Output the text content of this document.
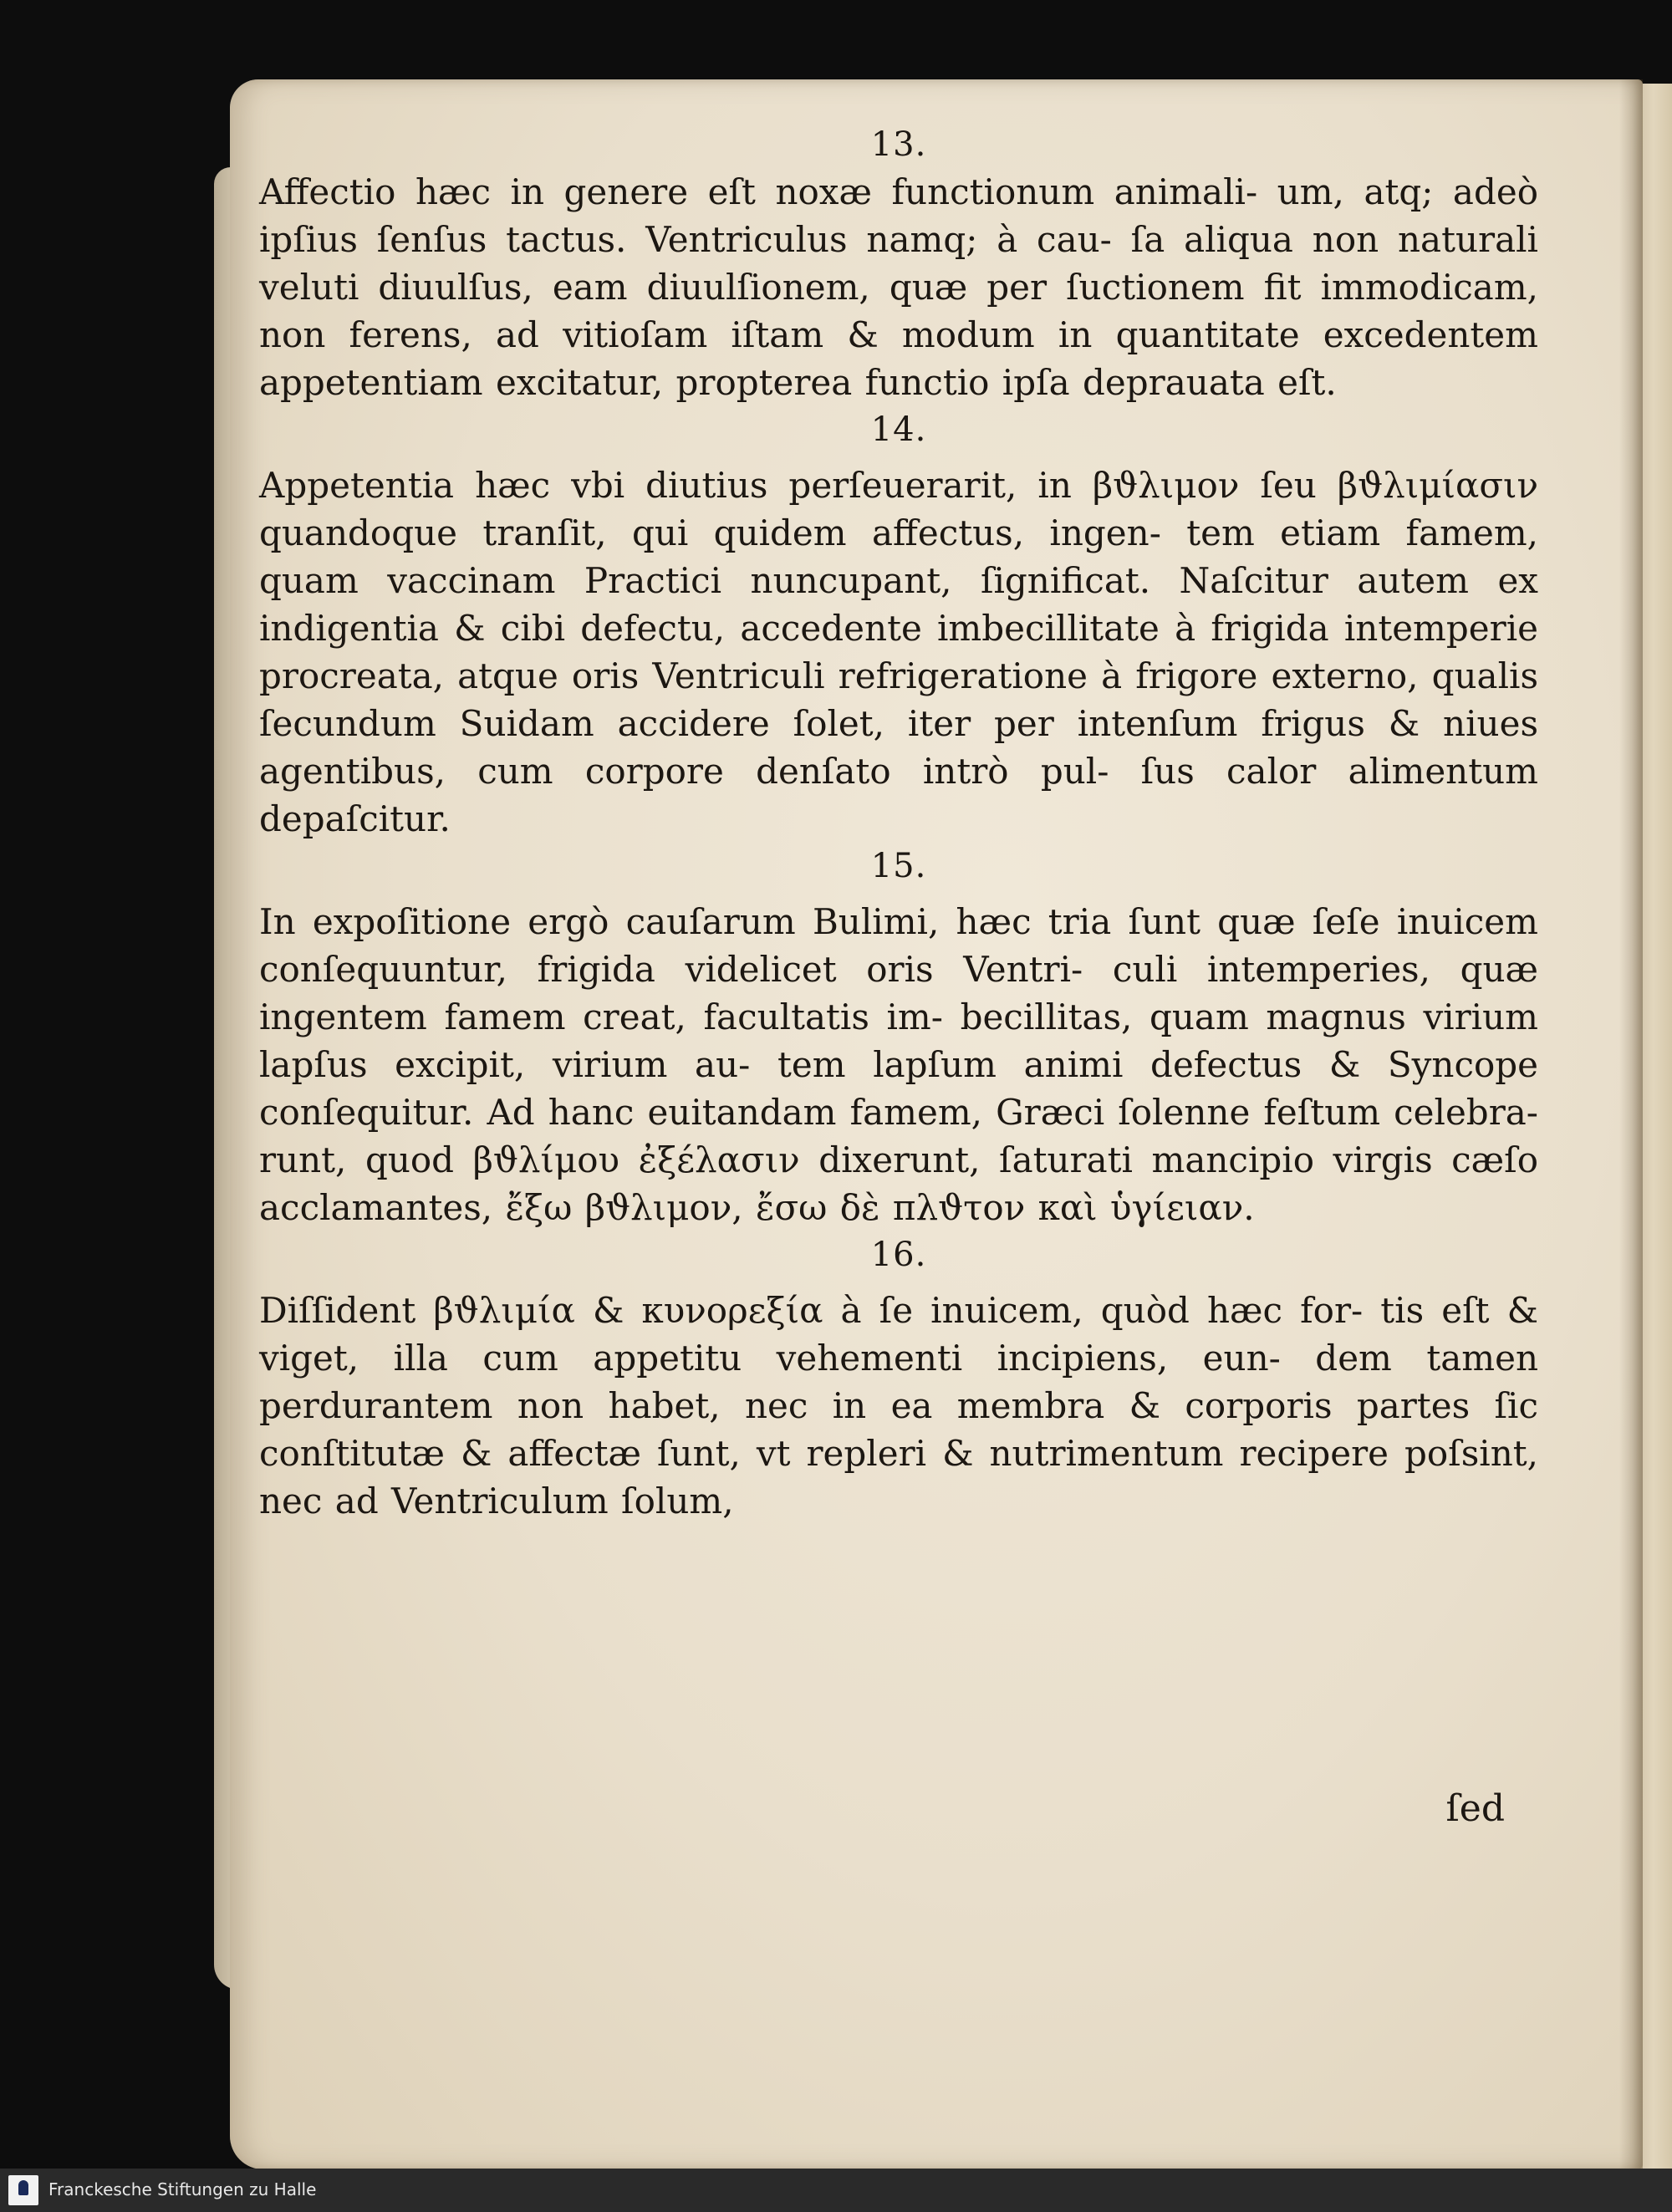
13.

Affectio hæc in genere eſt noxæ functionum animali- um, atq; adeò ipſius ſenſus tactus. Ventriculus namq; à cau- ſa aliqua non naturali veluti diuulſus, eam diuulſionem, quæ per ſuctionem fit immodicam, non ferens, ad vitioſam iſtam & modum in quantitate excedentem appetentiam excitatur, propterea functio ipſa deprauata eſt.

14.

Appetentia hæc vbi diutius perſeuerarit, in βϑλιμον ſeu βϑλιμίασιν quandoque tranſit, qui quidem affectus, ingen- tem etiam famem, quam vaccinam Practici nuncupant, ſignificat. Naſcitur autem ex indigentia & cibi defectu, accedente imbecillitate à frigida intemperie procreata, atque oris Ventriculi refrigeratione à frigore externo, qualis ſecundum Suidam accidere ſolet, iter per intenſum frigus & niues agentibus, cum corpore denſato intrò pul- ſus calor alimentum depaſcitur.

15.

In expoſitione ergò cauſarum Bulimi, hæc tria ſunt quæ ſeſe inuicem conſequuntur, frigida videlicet oris Ventri- culi intemperies, quæ ingentem famem creat, facultatis im- becillitas, quam magnus virium lapſus excipit, virium au- tem lapſum animi defectus & Syncope conſequitur. Ad hanc euitandam famem, Græci ſolenne feſtum celebra- runt, quod βϑλίμου ἐξέλασιν dixerunt, ſaturati mancipio virgis cæſo acclamantes, ἔξω βϑλιμον, ἔσω δὲ πλϑτον καὶ ὑγίειαν.

16.

Diſſident βϑλιμία & κυνορεξία à ſe inuicem, quòd hæc for- tis eſt & viget, illa cum appetitu vehementi incipiens, eun- dem tamen perdurantem non habet, nec in ea membra & corporis partes ſic conſtitutæ & affectæ ſunt, vt repleri & nutrimentum recipere poſsint, nec ad Ventriculum ſolum,

ſed
Franckesche Stiftungen zu Halle
